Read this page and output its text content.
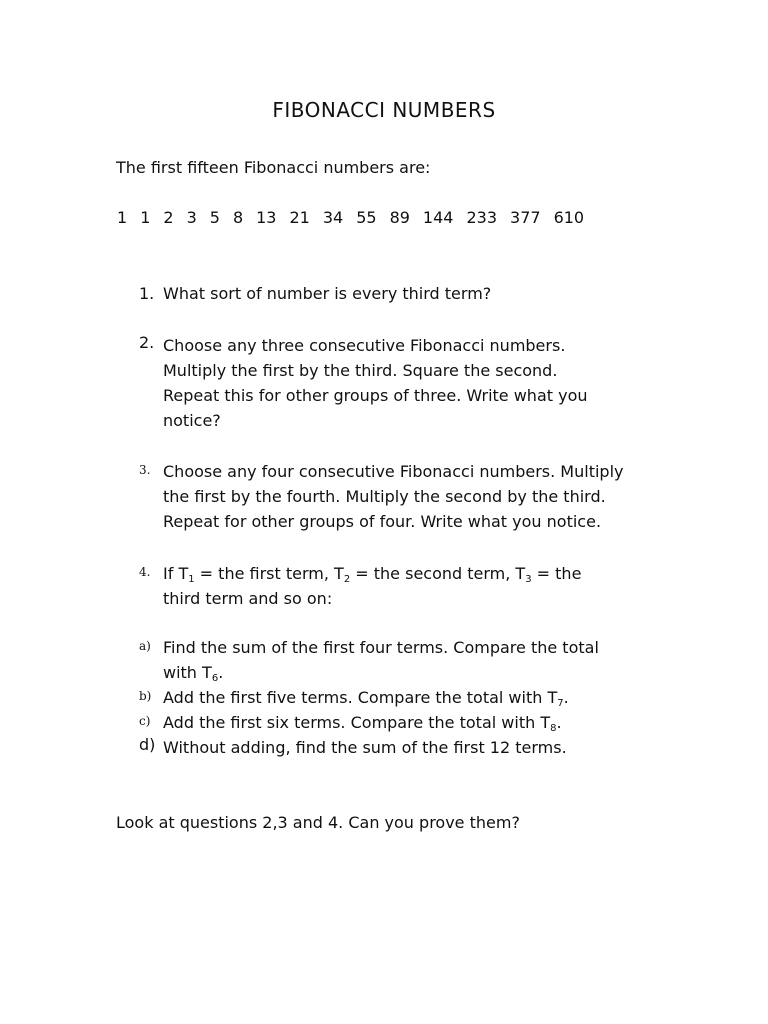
FIBONACCI NUMBERS
The first fifteen Fibonacci numbers are:
1 1 2 3 5 8 13 21 34 55 89 144 233 377 610
1. What sort of number is every third term?
2. Choose any three consecutive Fibonacci numbers.
Multiply the first by the third. Square the second.
Repeat this for other groups of three. Write what you
notice?
3. Choose any four consecutive Fibonacci numbers. Multiply
the first by the fourth. Multiply the second by the third.
Repeat for other groups of four. Write what you notice.
4. If $T_1$ = the first term, $T_2$ = the second term, $T_3$ = the
third term and so on:
a) Find the sum of the first four terms. Compare the total
with $T_6$.
b) Add the first five terms. Compare the total with $T_7$.
c) Add the first six terms. Compare the total with $T_8$.
d) Without adding, find the sum of the first 12 terms.
Look at questions 2,3 and 4. Can you prove them?
